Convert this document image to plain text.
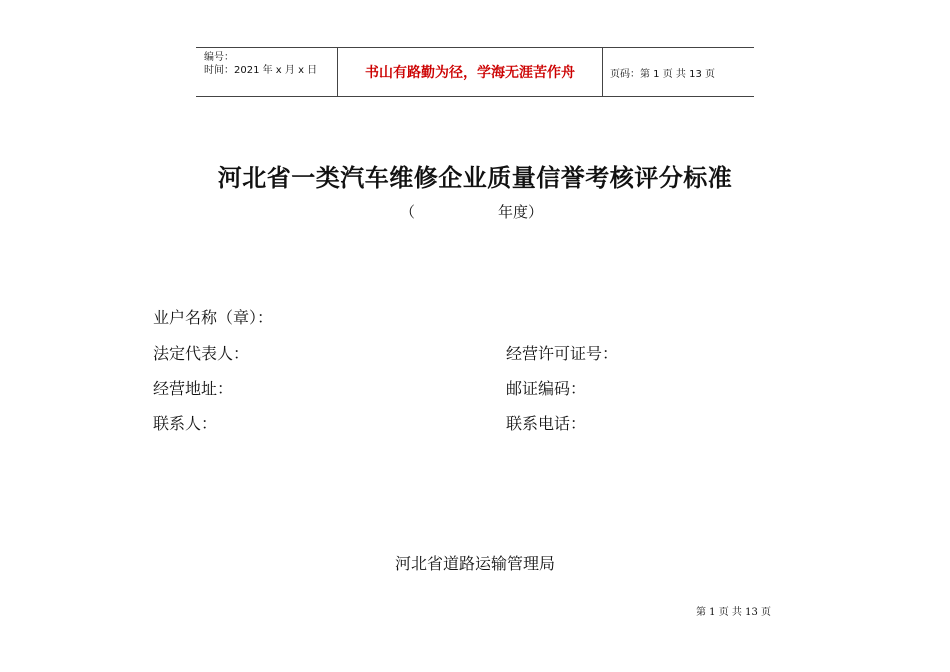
编号：
时间：2021 年 x 月 x 日	书山有路勤为径，学海无涯苦作舟	页码：第 1 页 共 13 页
河北省一类汽车维修企业质量信誉考核评分标准
（	年度）
业户名称（章）：
法定代表人：	经营许可证号：
经营地址：	邮证编码：
联系人：	联系电话：
河北省道路运输管理局
第 1 页 共 13 页
